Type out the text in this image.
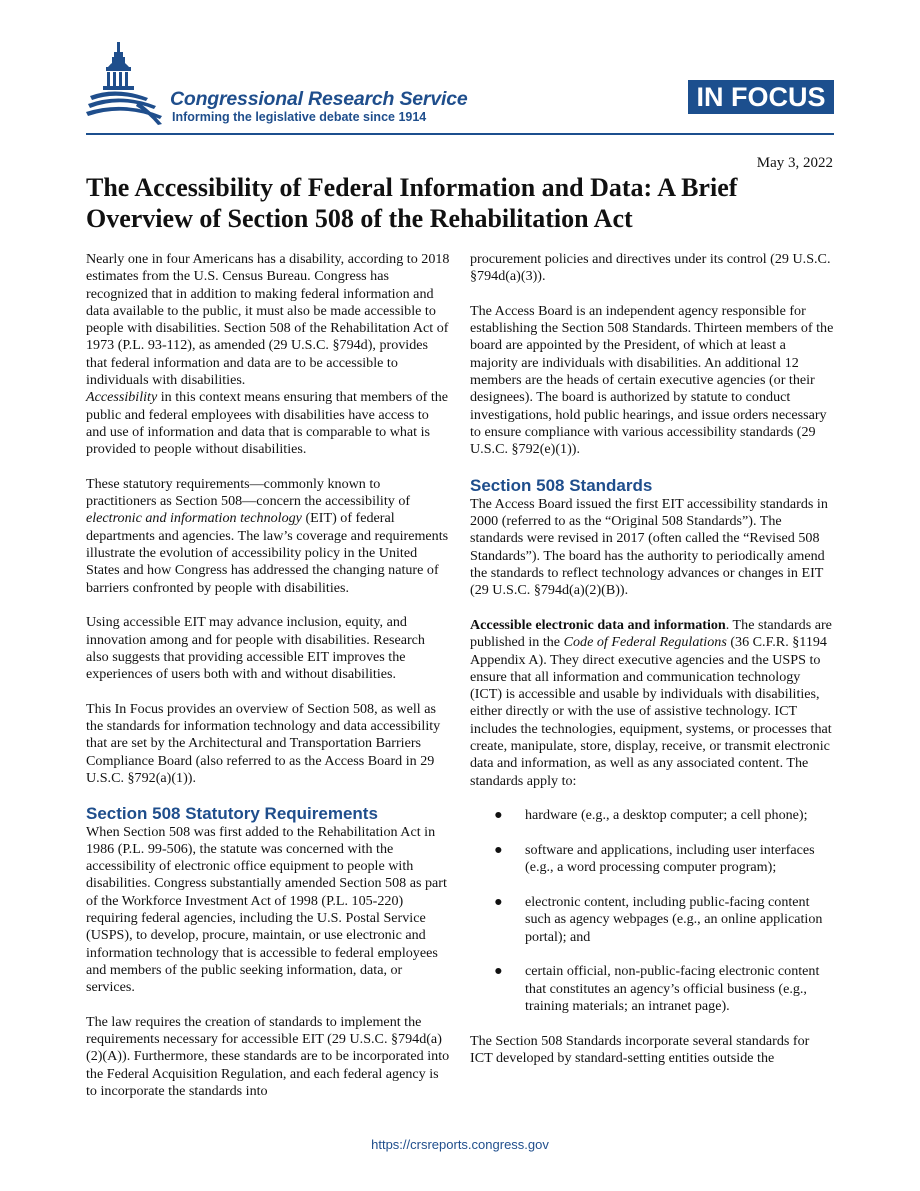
Congressional Research Service
Informing the legislative debate since 1914
IN FOCUS
May 3, 2022
The Accessibility of Federal Information and Data: A Brief Overview of Section 508 of the Rehabilitation Act

Nearly one in four Americans has a disability, according to 2018 estimates from the U.S. Census Bureau. Congress has recognized that in addition to making federal information and data available to the public, it must also be made accessible to people with disabilities. Section 508 of the Rehabilitation Act of 1973 (P.L. 93-112), as amended (29 U.S.C. §794d), provides that federal information and data are to be accessible to individuals with disabilities.
Accessibility in this context means ensuring that members of the public and federal employees with disabilities have access to and use of information and data that is comparable to what is provided to people without disabilities.

These statutory requirements—commonly known to practitioners as Section 508—concern the accessibility of electronic and information technology (EIT) of federal departments and agencies. The law’s coverage and requirements illustrate the evolution of accessibility policy in the United States and how Congress has addressed the changing nature of barriers confronted by people with disabilities.

Using accessible EIT may advance inclusion, equity, and innovation among and for people with disabilities. Research also suggests that providing accessible EIT improves the experiences of users both with and without disabilities.

This In Focus provides an overview of Section 508, as well as the standards for information technology and data accessibility that are set by the Architectural and Transportation Barriers Compliance Board (also referred to as the Access Board in 29 U.S.C. §792(a)(1)).

Section 508 Statutory Requirements

When Section 508 was first added to the Rehabilitation Act in 1986 (P.L. 99-506), the statute was concerned with the accessibility of electronic office equipment to people with disabilities. Congress substantially amended Section 508 as part of the Workforce Investment Act of 1998 (P.L. 105-220) requiring federal agencies, including the U.S. Postal Service (USPS), to develop, procure, maintain, or use electronic and information technology that is accessible to federal employees and members of the public seeking information, data, or services.

The law requires the creation of standards to implement the requirements necessary for accessible EIT (29 U.S.C. §794d(a)(2)(A)). Furthermore, these standards are to be incorporated into the Federal Acquisition Regulation, and each federal agency is to incorporate the standards into

procurement policies and directives under its control (29 U.S.C. §794d(a)(3)).

The Access Board is an independent agency responsible for establishing the Section 508 Standards. Thirteen members of the board are appointed by the President, of which at least a majority are individuals with disabilities. An additional 12 members are the heads of certain executive agencies (or their designees). The board is authorized by statute to conduct investigations, hold public hearings, and issue orders necessary to ensure compliance with various accessibility standards (29 U.S.C. §792(e)(1)).

Section 508 Standards

The Access Board issued the first EIT accessibility standards in 2000 (referred to as the “Original 508 Standards”). The standards were revised in 2017 (often called the “Revised 508 Standards”). The board has the authority to periodically amend the standards to reflect technology advances or changes in EIT (29 U.S.C. §794d(a)(2)(B)).

Accessible electronic data and information. The standards are published in the Code of Federal Regulations (36 C.F.R. §1194 Appendix A). They direct executive agencies and the USPS to ensure that all information and communication technology (ICT) is accessible and usable by individuals with disabilities, either directly or with the use of assistive technology. ICT includes the technologies, equipment, systems, or processes that create, manipulate, store, display, receive, or transmit electronic data and information, as well as any associated content. The standards apply to:

● hardware (e.g., a desktop computer; a cell phone);
● software and applications, including user interfaces (e.g., a word processing computer program);
● electronic content, including public-facing content such as agency webpages (e.g., an online application portal); and
● certain official, non-public-facing electronic content that constitutes an agency’s official business (e.g., training materials; an intranet page).

The Section 508 Standards incorporate several standards for ICT developed by standard-setting entities outside the

https://crsreports.congress.gov
